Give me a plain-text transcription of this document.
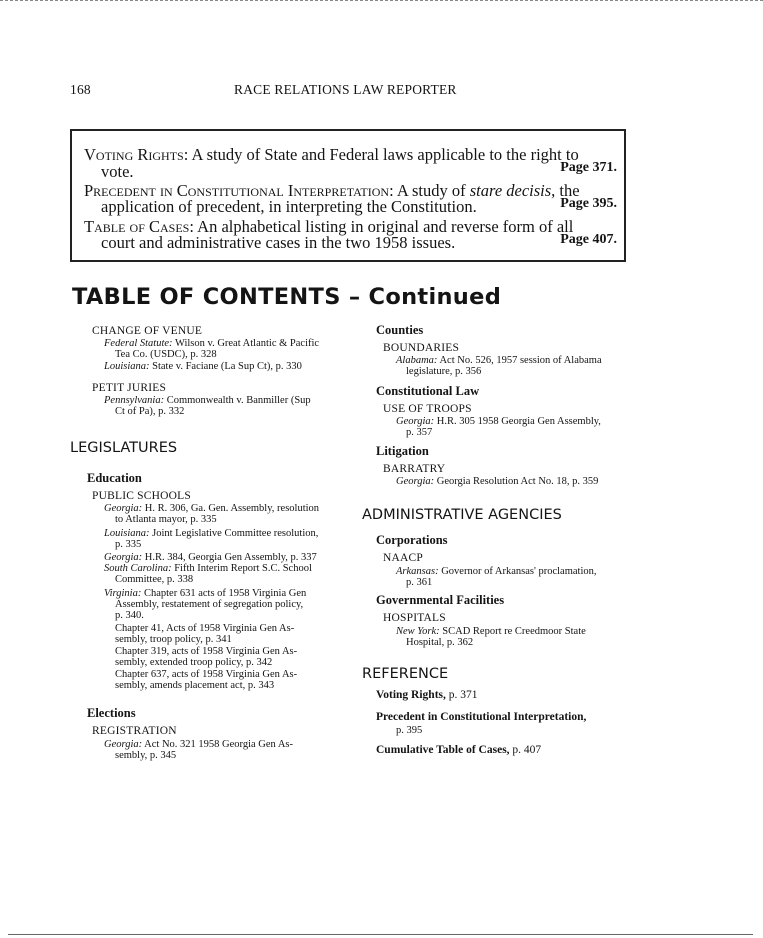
168	RACE RELATIONS LAW REPORTER
Voting Rights: A study of State and Federal laws applicable to the right to
vote.	Page 371.
Precedent in Constitutional Interpretation: A study of stare decisis, the
application of precedent, in interpreting the Constitution.	Page 395.
Table of Cases: An alphabetical listing in original and reverse form of all
court and administrative cases in the two 1958 issues.	Page 407.
TABLE OF CONTENTS – Continued
CHANGE OF VENUE
Federal Statute: Wilson v. Great Atlantic & Pacific
Tea Co. (USDC), p. 328
Louisiana: State v. Faciane (La Sup Ct), p. 330
PETIT JURIES
Pennsylvania: Commonwealth v. Banmiller (Sup
Ct of Pa), p. 332
LEGISLATURES
Education
PUBLIC SCHOOLS
Georgia: H. R. 306, Ga. Gen. Assembly, resolution
to Atlanta mayor, p. 335
Louisiana: Joint Legislative Committee resolution,
p. 335
Georgia: H.R. 384, Georgia Gen Assembly, p. 337
South Carolina: Fifth Interim Report S.C. School
Committee, p. 338
Virginia: Chapter 631 acts of 1958 Virginia Gen
Assembly, restatement of segregation policy,
p. 340.
Chapter 41, Acts of 1958 Virginia Gen As-
sembly, troop policy, p. 341
Chapter 319, acts of 1958 Virginia Gen As-
sembly, extended troop policy, p. 342
Chapter 637, acts of 1958 Virginia Gen As-
sembly, amends placement act, p. 343
Elections
REGISTRATION
Georgia: Act No. 321 1958 Georgia Gen As-
sembly, p. 345
Counties
BOUNDARIES
Alabama: Act No. 526, 1957 session of Alabama
legislature, p. 356
Constitutional Law
USE OF TROOPS
Georgia: H.R. 305 1958 Georgia Gen Assembly,
p. 357
Litigation
BARRATRY
Georgia: Georgia Resolution Act No. 18, p. 359
ADMINISTRATIVE AGENCIES
Corporations
NAACP
Arkansas: Governor of Arkansas' proclamation,
p. 361
Governmental Facilities
HOSPITALS
New York: SCAD Report re Creedmoor State
Hospital, p. 362
REFERENCE
Voting Rights, p. 371
Precedent in Constitutional Interpretation,
p. 395
Cumulative Table of Cases, p. 407
